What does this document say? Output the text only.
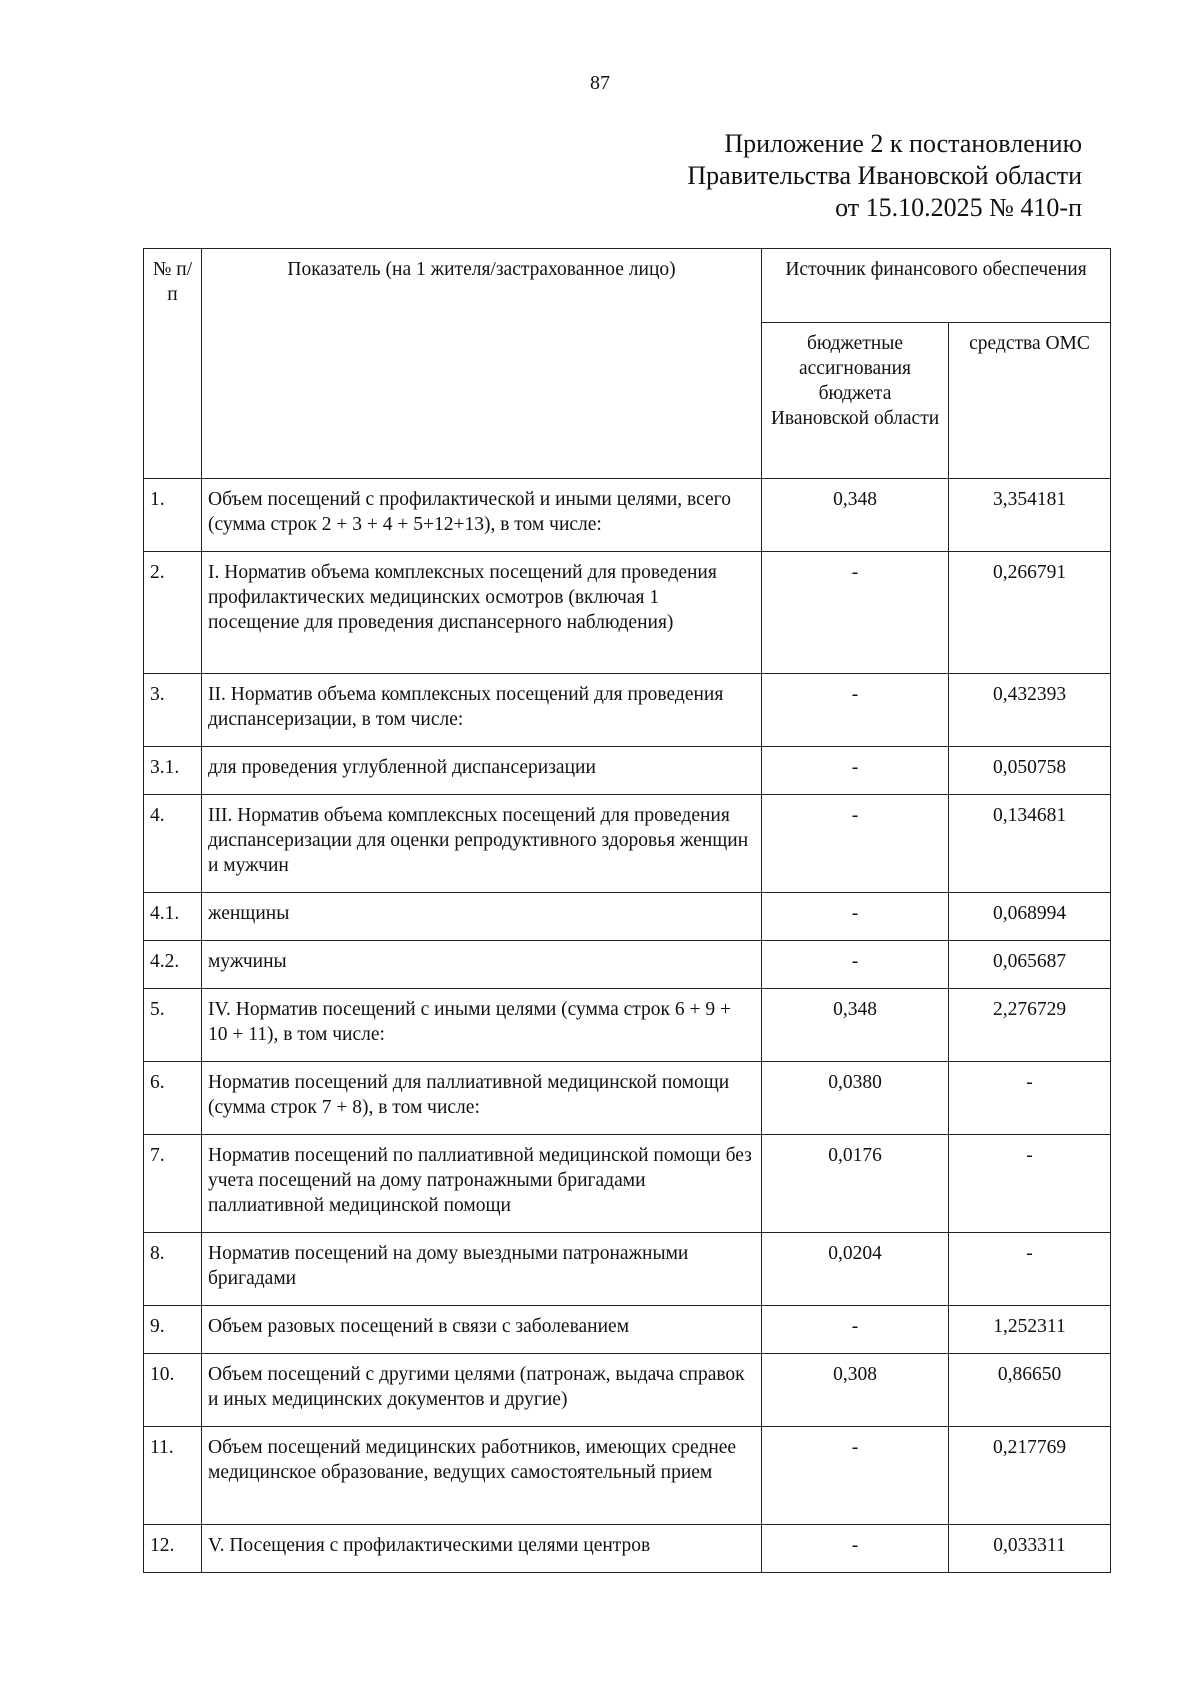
87
Приложение 2 к постановлению
Правительства Ивановской области
от 15.10.2025 № 410-п
№ п/п	Показатель (на 1 жителя/застрахованное лицо)	Источник финансового обеспечения	
		бюджетные ассигнования бюджета Ивановской области	средства ОМС
1.	Объем посещений с профилактической и иными целями, всего (сумма строк 2 + 3 + 4 + 5+12+13), в том числе:	0,348	3,354181
2.	I. Норматив объема комплексных посещений для проведения профилактических медицинских осмотров (включая 1 посещение для проведения диспансерного наблюдения)	-	0,266791
3.	II. Норматив объема комплексных посещений для проведения диспансеризации, в том числе:	-	0,432393
3.1.	для проведения углубленной диспансеризации	-	0,050758
4.	III. Норматив объема комплексных посещений для проведения диспансеризации для оценки репродуктивного здоровья женщин и мужчин	-	0,134681
4.1.	женщины	-	0,068994
4.2.	мужчины	-	0,065687
5.	IV. Норматив посещений с иными целями (сумма строк 6 + 9 + 10 + 11), в том числе:	0,348	2,276729
6.	Норматив посещений для паллиативной медицинской помощи (сумма строк 7 + 8), в том числе:	0,0380	-
7.	Норматив посещений по паллиативной медицинской помощи без учета посещений на дому патронажными бригадами паллиативной медицинской помощи	0,0176	-
8.	Норматив посещений на дому выездными патронажными бригадами	0,0204	-
9.	Объем разовых посещений в связи с заболеванием	-	1,252311
10.	Объем посещений с другими целями (патронаж, выдача справок и иных медицинских документов и другие)	0,308	0,86650
11.	Объем посещений медицинских работников, имеющих среднее медицинское образование, ведущих самостоятельный прием	-	0,217769
12.	V. Посещения с профилактическими целями центров	-	0,033311
